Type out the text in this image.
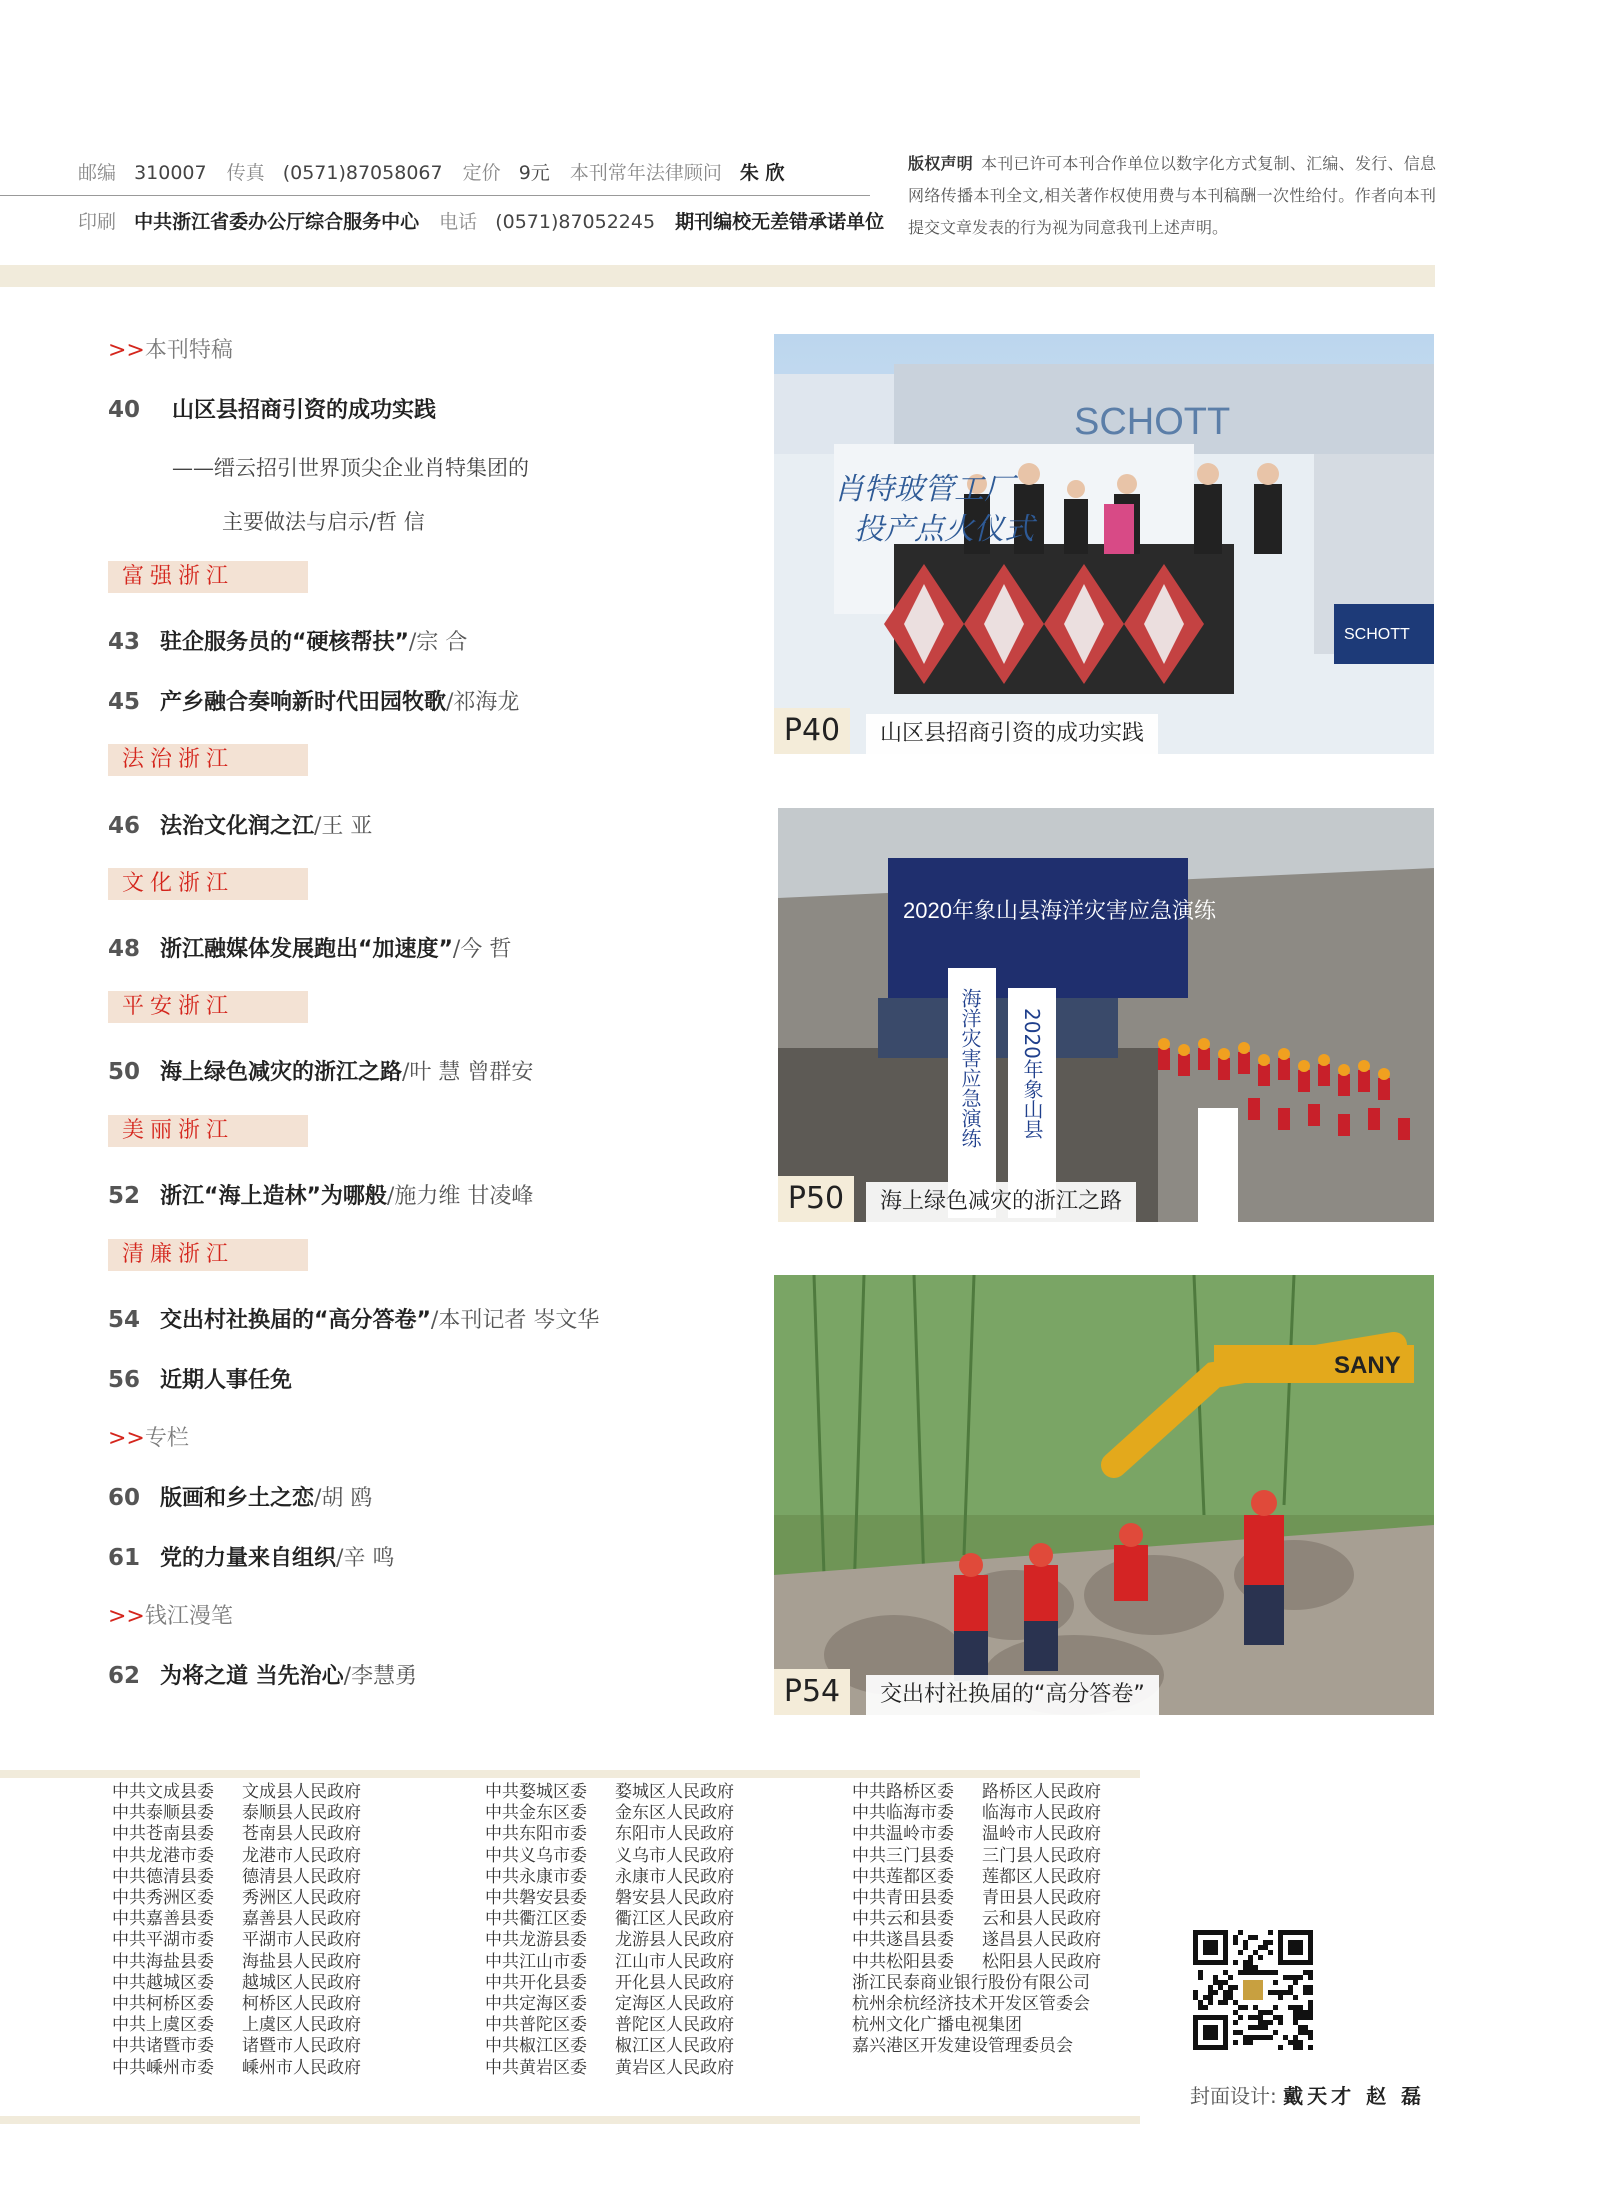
邮编 310007 传真 (0571)87058067 定价 9元 本刊常年法律顾问 朱 欣
印刷 中共浙江省委办公厅综合服务中心 电话 (0571)87052245 期刊编校无差错承诺单位
版权声明 本刊已许可本刊合作单位以数字化方式复制、汇编、发行、信息网络传播本刊全文,相关著作权使用费与本刊稿酬一次性给付。作者向本刊提交文章发表的行为视为同意我刊上述声明。
>>本刊特稿
40 山区县招商引资的成功实践
——缙云招引世界顶尖企业肖特集团的
主要做法与启示/哲 信
富强浙江
43 驻企服务员的“硬核帮扶”/宗 合
45 产乡融合奏响新时代田园牧歌/祁海龙
法治浙江
46 法治文化润之江/王 亚
文化浙江
48 浙江融媒体发展跑出“加速度”/今 哲
平安浙江
50 海上绿色减灾的浙江之路/叶 慧 曾群安
美丽浙江
52 浙江“海上造林”为哪般/施力维 甘凌峰
清廉浙江
54 交出村社换届的“高分答卷”/本刊记者 岑文华
56 近期人事任免
>>专栏
60 版画和乡土之恋/胡 鸥
61 党的力量来自组织/辛 鸣
>>钱江漫笔
62 为将之道 当先治心/李慧勇
SCHOTT
肖特玻管工厂
投产点火仪式
SCHOTT
P40	山区县招商引资的成功实践
2020年象山县海洋灾害应急演练
海洋灾害应急演练 2020年象山县
P50	海上绿色减灾的浙江之路
SANY
P54	交出村社换届的“高分答卷”
中共文成县委 文成县人民政府
中共泰顺县委 泰顺县人民政府
中共苍南县委 苍南县人民政府
中共龙港市委 龙港市人民政府
中共德清县委 德清县人民政府
中共秀洲区委 秀洲区人民政府
中共嘉善县委 嘉善县人民政府
中共平湖市委 平湖市人民政府
中共海盐县委 海盐县人民政府
中共越城区委 越城区人民政府
中共柯桥区委 柯桥区人民政府
中共上虞区委 上虞区人民政府
中共诸暨市委 诸暨市人民政府
中共嵊州市委 嵊州市人民政府
中共婺城区委 婺城区人民政府
中共金东区委 金东区人民政府
中共东阳市委 东阳市人民政府
中共义乌市委 义乌市人民政府
中共永康市委 永康市人民政府
中共磐安县委 磐安县人民政府
中共衢江区委 衢江区人民政府
中共龙游县委 龙游县人民政府
中共江山市委 江山市人民政府
中共开化县委 开化县人民政府
中共定海区委 定海区人民政府
中共普陀区委 普陀区人民政府
中共椒江区委 椒江区人民政府
中共黄岩区委 黄岩区人民政府
中共路桥区委 路桥区人民政府
中共临海市委 临海市人民政府
中共温岭市委 温岭市人民政府
中共三门县委 三门县人民政府
中共莲都区委 莲都区人民政府
中共青田县委 青田县人民政府
中共云和县委 云和县人民政府
中共遂昌县委 遂昌县人民政府
中共松阳县委 松阳县人民政府
浙江民泰商业银行股份有限公司
杭州余杭经济技术开发区管委会
杭州文化广播电视集团
嘉兴港区开发建设管理委员会
封面设计: 戴天才 赵 磊
